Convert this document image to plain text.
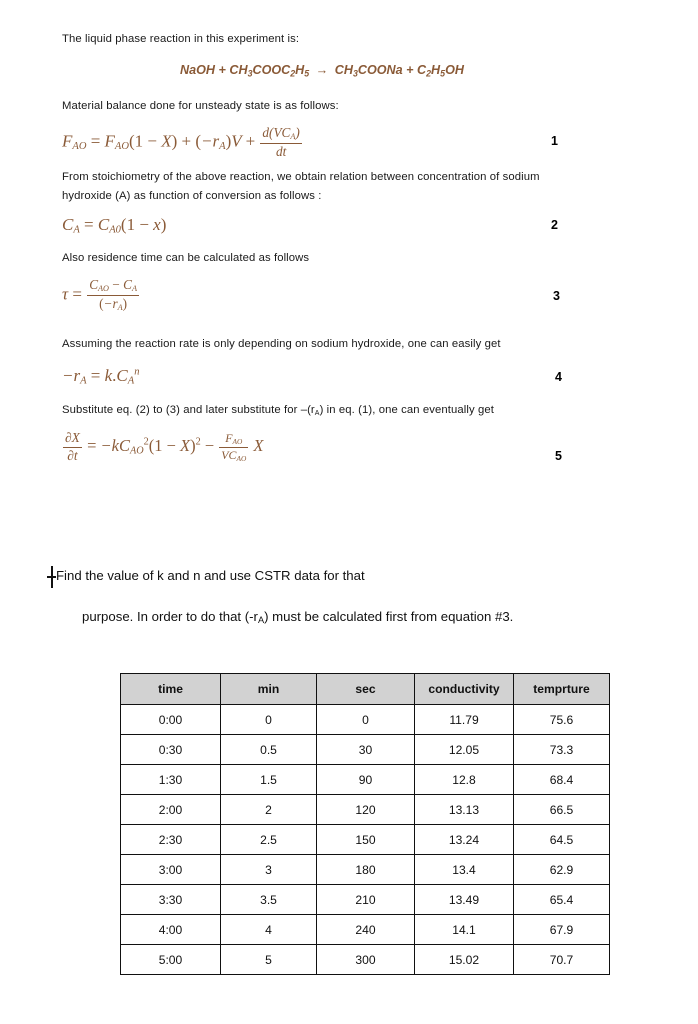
The liquid phase reaction in this experiment is:
NaOH + $CH_3COOC_2H_5$ → $CH_3COONa + C_2H_5OH$
Material balance done for unsteady state is as follows:
$F_{AO} = F_{AO}(1 - X) + (-r_A)V + \frac{d(VC_A)}{dt}$	1
From stoichiometry of the above reaction, we obtain relation between concentration of sodium
hydroxide (A) as function of conversion as follows :
$C_A = C_{A0}(1 - x)$	2
Also residence time can be calculated as follows
$\tau = \frac{C_{AO} - C_A}{(-r_A)}$	3
Assuming the reaction rate is only depending on sodium hydroxide, one can easily get
$-r_A = k.C_A^n$	4
Substitute eq. (2) to (3) and later substitute for $-(r_A)$ in eq. (1), one can eventually get
$\frac{\partial X}{\partial t} = -kC_{AO}^2(1 - X)^2 - \frac{F_{AO}}{VC_{AO}}$ X
5
Find the value of k and n and use CSTR data for that
purpose. In order to do that $(-r_A)$ must be calculated first from equation #3.
time	min	sec	conductivity	temprture
0:00	0	0	11.79	75.6
0:30	0.5	30	12.05	73.3
1:30	1.5	90	12.8	68.4
2:00	2	120	13.13	66.5
2:30	2.5	150	13.24	64.5
3:00	3	180	13.4	62.9
3:30	3.5	210	13.49	65.4
4:00	4	240	14.1	67.9
5:00	5	300	15.02	70.7
